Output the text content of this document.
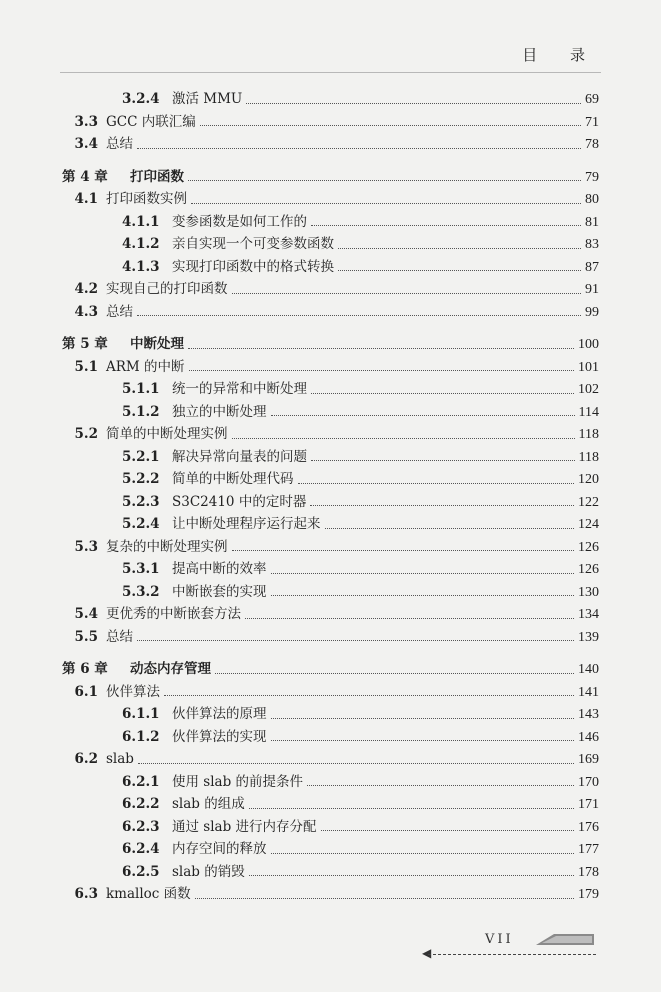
目 录
3.2.4 激活 MMU	69
3.3 GCC 内联汇编	71
3.4 总结	78
第 4 章	打印函数	79
4.1 打印函数实例	80
4.1.1 变参函数是如何工作的	81
4.1.2 亲自实现一个可变参数函数	83
4.1.3 实现打印函数中的格式转换	87
4.2 实现自己的打印函数	91
4.3 总结	99
第 5 章	中断处理	100
5.1 ARM 的中断	101
5.1.1 统一的异常和中断处理	102
5.1.2 独立的中断处理	114
5.2 简单的中断处理实例	118
5.2.1 解决异常向量表的问题	118
5.2.2 简单的中断处理代码	120
5.2.3 S3C2410 中的定时器	122
5.2.4 让中断处理程序运行起来	124
5.3 复杂的中断处理实例	126
5.3.1 提高中断的效率	126
5.3.2 中断嵌套的实现	130
5.4 更优秀的中断嵌套方法	134
5.5 总结	139
第 6 章	动态内存管理	140
6.1 伙伴算法	141
6.1.1 伙伴算法的原理	143
6.1.2 伙伴算法的实现	146
6.2 slab	169
6.2.1 使用 slab 的前提条件	170
6.2.2 slab 的组成	171
6.2.3 通过 slab 进行内存分配	176
6.2.4 内存空间的释放	177
6.2.5 slab 的销毁	178
6.3 kmalloc 函数	179
VII
◀
